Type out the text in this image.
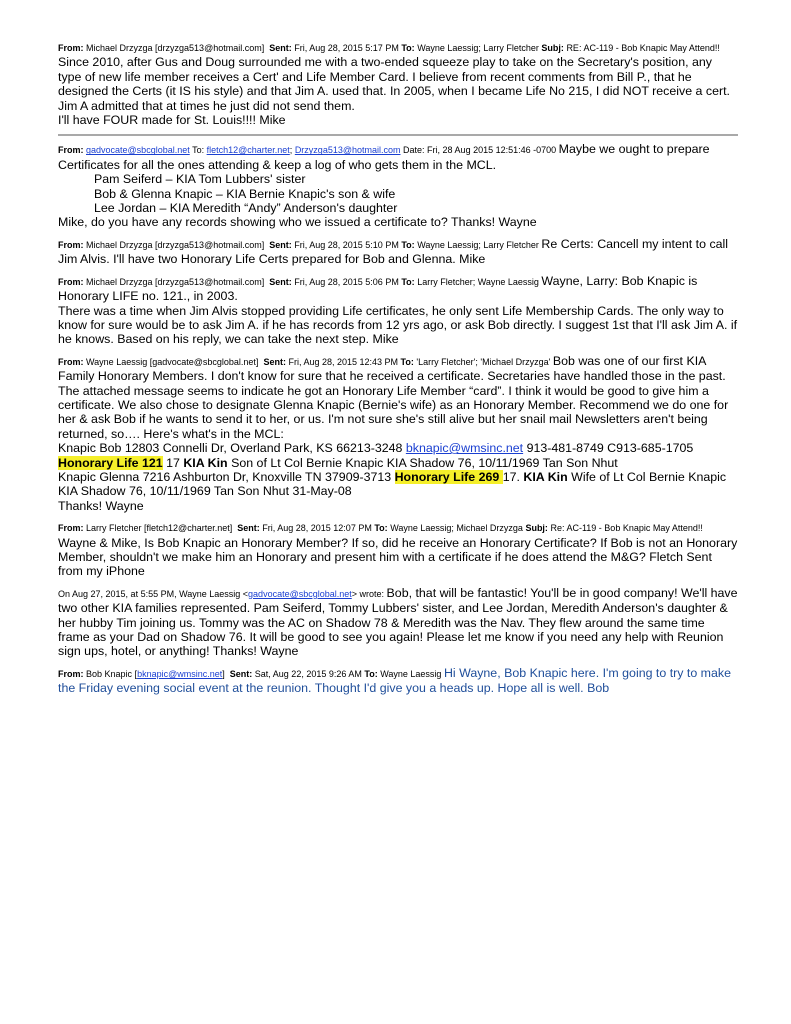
From: Michael Drzyzga [drzyzga513@hotmail.com] Sent: Fri, Aug 28, 2015 5:17 PM To: Wayne Laessig; Larry Fletcher Subj: RE: AC-119 - Bob Knapic May Attend!! Since 2010, after Gus and Doug surrounded me with a two-ended squeeze play to take on the Secretary's position, any type of new life member receives a Cert' and Life Member Card. I believe from recent comments from Bill P., that he designed the Certs (it IS his style) and that Jim A. used that. In 2005, when I became Life No 215, I did NOT receive a cert. Jim A admitted that at times he just did not send them.
I'll have FOUR made for St. Louis!!!! Mike
From: gadvocate@sbcglobal.net To: fletch12@charter.net; Drzyzga513@hotmail.com Date: Fri, 28 Aug 2015 12:51:46 -0700 Maybe we ought to prepare Certificates for all the ones attending & keep a log of who gets them in the MCL.
Pam Seiferd – KIA Tom Lubbers' sister
Bob & Glenna Knapic – KIA Bernie Knapic's son & wife
Lee Jordan – KIA Meredith “Andy” Anderson's daughter
Mike, do you have any records showing who we issued a certificate to? Thanks! Wayne
From: Michael Drzyzga [drzyzga513@hotmail.com] Sent: Fri, Aug 28, 2015 5:10 PM To: Wayne Laessig; Larry Fletcher Re Certs: Cancell my intent to call Jim Alvis. I'll have two Honorary Life Certs prepared for Bob and Glenna. Mike
From: Michael Drzyzga [drzyzga513@hotmail.com] Sent: Fri, Aug 28, 2015 5:06 PM To: Larry Fletcher; Wayne Laessig Wayne, Larry: Bob Knapic is Honorary LIFE no. 121., in 2003.
There was a time when Jim Alvis stopped providing Life certificates, he only sent Life Membership Cards. The only way to know for sure would be to ask Jim A. if he has records from 12 yrs ago, or ask Bob directly. I suggest 1st that I'll ask Jim A. if he knows. Based on his reply, we can take the next step. Mike
From: Wayne Laessig [gadvocate@sbcglobal.net] Sent: Fri, Aug 28, 2015 12:43 PM To: 'Larry Fletcher'; 'Michael Drzyzga' Bob was one of our first KIA Family Honorary Members. I don't know for sure that he received a certificate. Secretaries have handled those in the past. The attached message seems to indicate he got an Honorary Life Member “card”. I think it would be good to give him a certificate. We also chose to designate Glenna Knapic (Bernie's wife) as an Honorary Member. Recommend we do one for her & ask Bob if he wants to send it to her, or us. I'm not sure she's still alive but her snail mail Newsletters aren't being returned, so…. Here's what's in the MCL:
Knapic Bob 12803 Connelli Dr, Overland Park, KS 66213-3248 bknapic@wmsinc.net 913-481-8749 C913-685-1705
Honorary Life 121 17 KIA Kin Son of Lt Col Bernie Knapic KIA Shadow 76, 10/11/1969 Tan Son Nhut
Knapic Glenna 7216 Ashburton Dr, Knoxville TN 37909-3713 Honorary Life 269 17. KIA Kin Wife of Lt Col Bernie Knapic KIA Shadow 76, 10/11/1969 Tan Son Nhut 31-May-08
Thanks! Wayne
From: Larry Fletcher [fletch12@charter.net] Sent: Fri, Aug 28, 2015 12:07 PM To: Wayne Laessig; Michael Drzyzga Subj: Re: AC-119 - Bob Knapic May Attend!! Wayne & Mike, Is Bob Knapic an Honorary Member? If so, did he receive an Honorary Certificate? If Bob is not an Honorary Member, shouldn't we make him an Honorary and present him with a certificate if he does attend the M&G? Fletch Sent from my iPhone
On Aug 27, 2015, at 5:55 PM, Wayne Laessig <gadvocate@sbcglobal.net> wrote: Bob, that will be fantastic! You'll be in good company! We'll have two other KIA families represented. Pam Seiferd, Tommy Lubbers' sister, and Lee Jordan, Meredith Anderson's daughter & her hubby Tim joining us. Tommy was the AC on Shadow 78 & Meredith was the Nav. They flew around the same time frame as your Dad on Shadow 76. It will be good to see you again! Please let me know if you need any help with Reunion sign ups, hotel, or anything! Thanks! Wayne
From: Bob Knapic [bknapic@wmsinc.net] Sent: Sat, Aug 22, 2015 9:26 AM To: Wayne Laessig Hi Wayne, Bob Knapic here. I'm going to try to make the Friday evening social event at the reunion. Thought I'd give you a heads up. Hope all is well. Bob
